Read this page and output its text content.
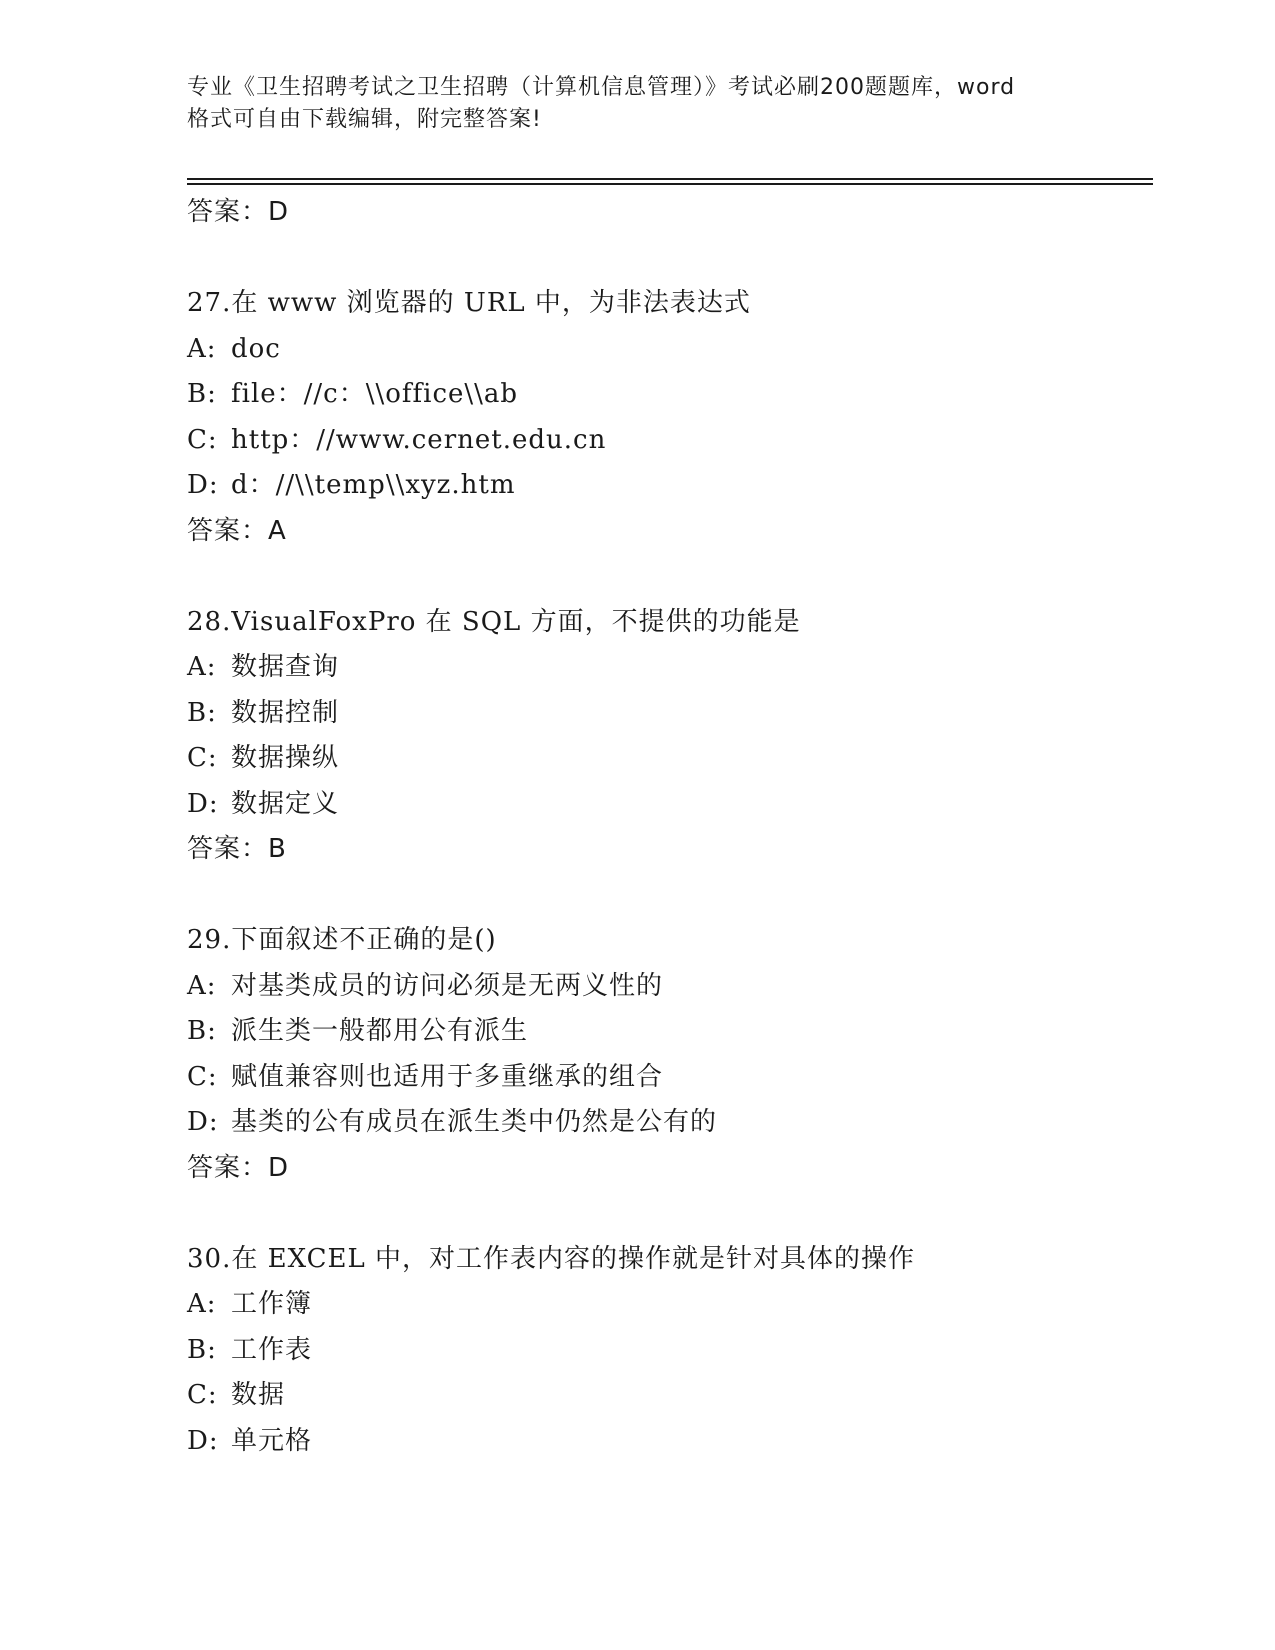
专业《卫生招聘考试之卫生招聘（计算机信息管理）》考试必刷200题题库，word
格式可自由下载编辑，附完整答案!
答案：D
27.在 www 浏览器的 URL 中，为非法表达式
A: doc
B: file：//c：\\office\\ab
C: http：//www.cernet.edu.cn
D: d：//\\temp\\xyz.htm
答案：A
28.VisualFoxPro 在 SQL 方面，不提供的功能是
A: 数据查询
B: 数据控制
C: 数据操纵
D: 数据定义
答案：B
29.下面叙述不正确的是()
A: 对基类成员的访问必须是无两义性的
B: 派生类一般都用公有派生
C: 赋值兼容则也适用于多重继承的组合
D: 基类的公有成员在派生类中仍然是公有的
答案：D
30.在 EXCEL 中，对工作表内容的操作就是针对具体的操作
A: 工作簿
B: 工作表
C: 数据
D: 单元格
